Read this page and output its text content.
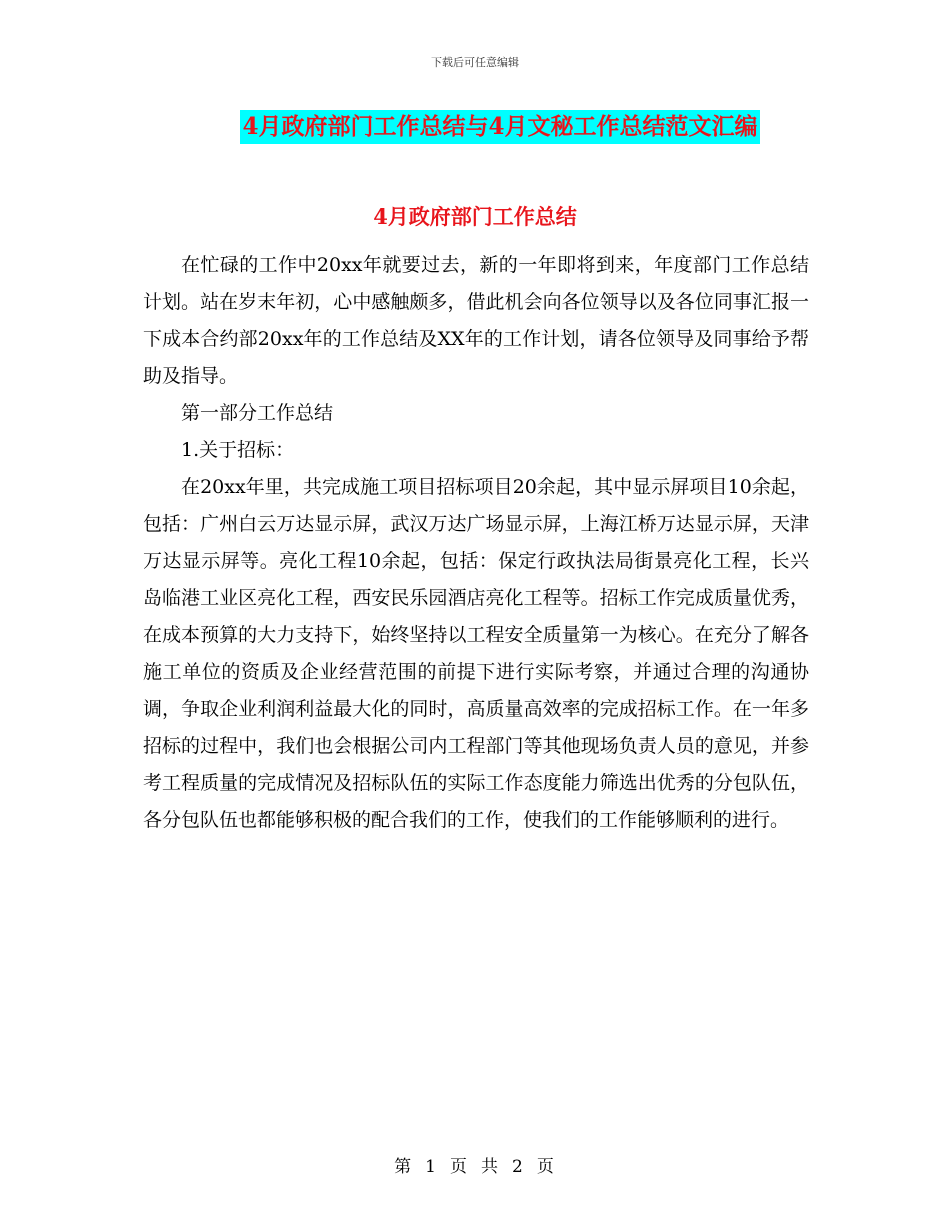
下载后可任意编辑
4月政府部门工作总结与4月文秘工作总结范文汇编
4月政府部门工作总结

在忙碌的工作中20xx年就要过去，新的一年即将到来，年度部门工作总结计划。站在岁末年初，心中感触颇多，借此机会向各位领导以及各位同事汇报一下成本合约部20xx年的工作总结及XX年的工作计划，请各位领导及同事给予帮助及指导。

第一部分工作总结

1.关于招标：

在20xx年里，共完成施工项目招标项目20余起，其中显示屏项目10余起，包括：广州白云万达显示屏，武汉万达广场显示屏，上海江桥万达显示屏，天津万达显示屏等。亮化工程10余起，包括：保定行政执法局街景亮化工程，长兴岛临港工业区亮化工程，西安民乐园酒店亮化工程等。招标工作完成质量优秀，在成本预算的大力支持下，始终坚持以工程安全质量第一为核心。在充分了解各施工单位的资质及企业经营范围的前提下进行实际考察，并通过合理的沟通协调，争取企业利润利益最大化的同时，高质量高效率的完成招标工作。在一年多招标的过程中，我们也会根据公司内工程部门等其他现场负责人员的意见，并参考工程质量的完成情况及招标队伍的实际工作态度能力筛选出优秀的分包队伍，各分包队伍也都能够积极的配合我们的工作，使我们的工作能够顺利的进行。

第 1 页 共 2 页
